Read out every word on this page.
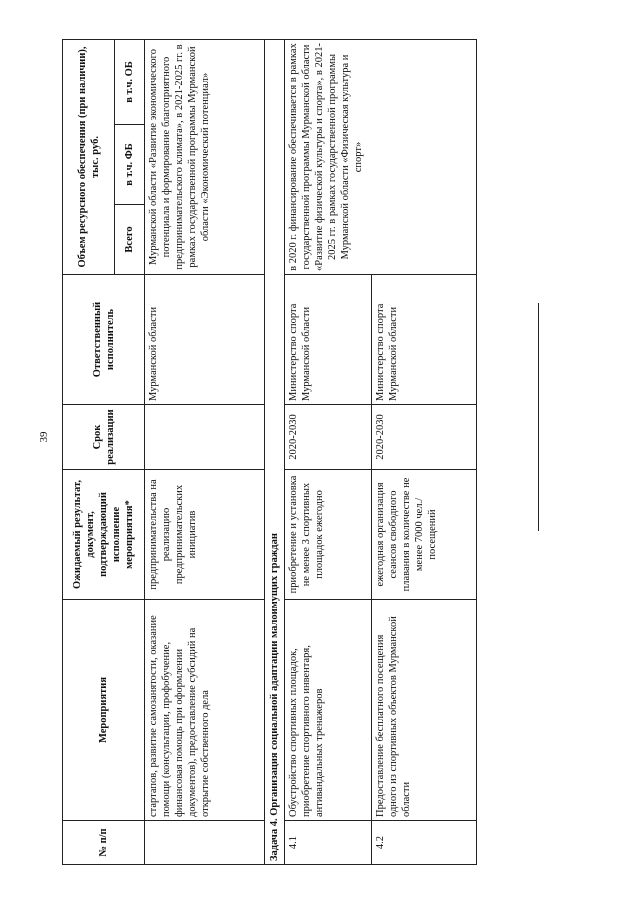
39
№ п/п	Мероприятия	Ожидаемый результат, документ, подтверждающий исполнение мероприятия*	Срок реализации	Ответственный исполнитель	Объем ресурсного обеспечения (при наличии), тыс. руб.		
					Всего	в т.ч. ФБ	в т.ч. ОБ
	стартапов, развитие самозанятости, оказание помощи (консультации, профобучение, финансовая помощь при оформлении документов), предоставление субсидий на открытие собственного дела	предпринимательства на реализацию предпринимательских инициатив		Мурманской области	Мурманской области «Развитие экономического потенциала и формирование благоприятного предпринимательского климата», в 2021-2025 гг. в рамках государственной программы Мурманской области «Экономический потенциал»		
Задача 4. Организация социальной адаптации малоимущих граждан							
4.1	Обустройство спортивных площадок, приобретение спортивного инвентаря, антивандальных тренажеров	приобретение и установка не менее 3 спортивных площадок ежегодно	2020-2030	Министерство спорта Мурманской области	в 2020 г. финансирование обеспечивается в рамках государственной программы Мурманской области «Развитие физической культуры и спорта», в 2021-2025 гг. в рамках государственной программы Мурманской области «Физическая культура и спорт»		
4.2	Предоставление бесплатного посещения одного из спортивных объектов Мурманской области	ежегодная организация сеансов свободного плавания в количестве не менее 7000 чел./посещений	2020-2030	Министерство спорта Мурманской области			
